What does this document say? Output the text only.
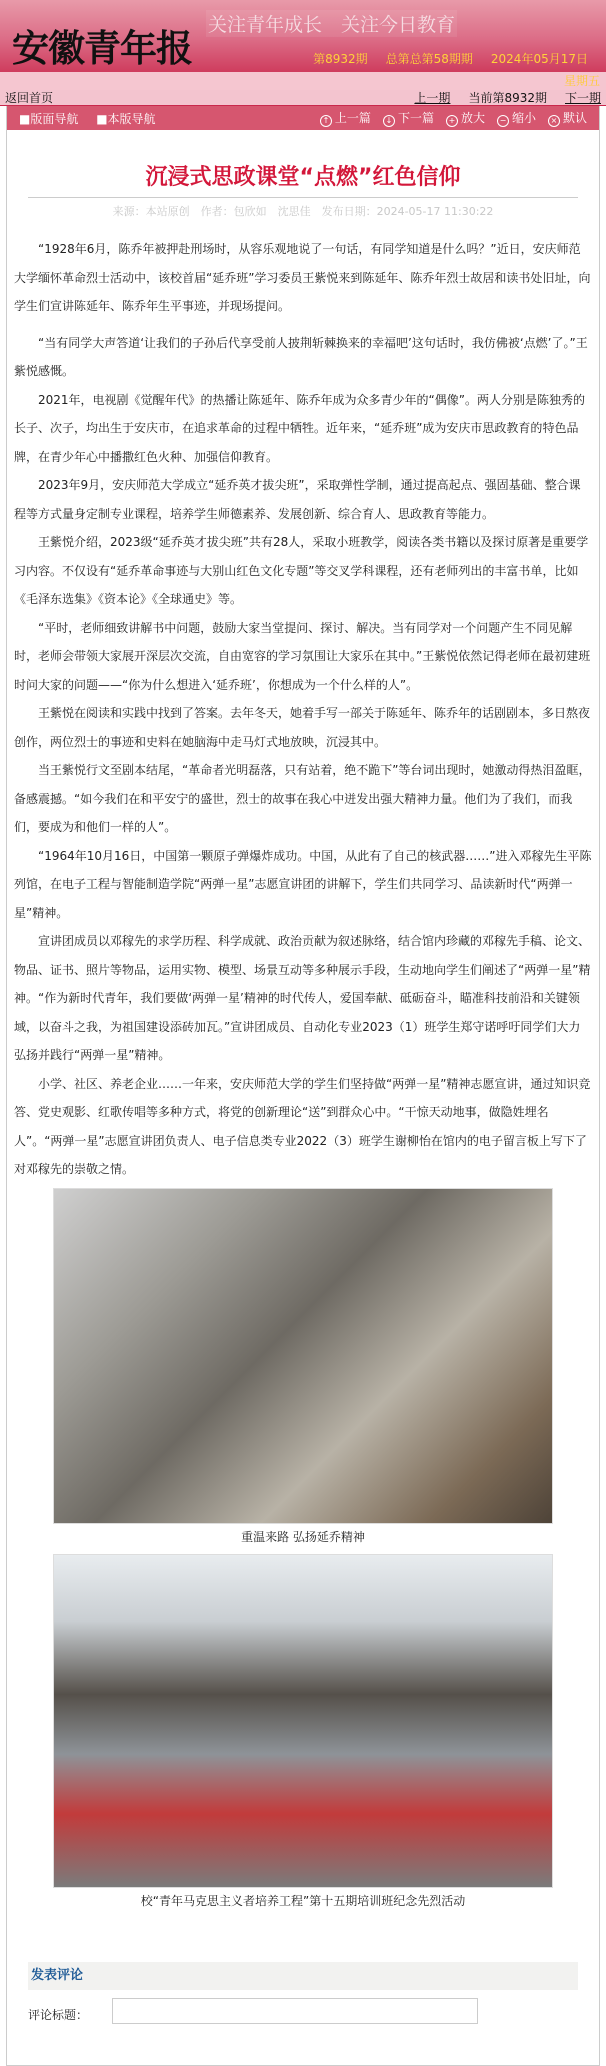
安徽青年报
关注青年成长　关注今日教育
第8932期 总第总第58期期 2024年05月17日
星期五
返回首页	上一期 当前第8932期 下一期
■版面导航 ■本版导航	↑ 上一篇	↓ 下一篇	+ 放大	− 缩小	× 默认
沉浸式思政课堂“点燃”红色信仰
来源：本站原创　作者：包欣如　沈思佳　发布日期：2024-05-17 11:30:22

“1928年6月，陈乔年被押赴刑场时，从容乐观地说了一句话，有同学知道是什么吗？”近日，安庆师范大学缅怀革命烈士活动中，该校首届“延乔班”学习委员王紫悦来到陈延年、陈乔年烈士故居和读书处旧址，向学生们宣讲陈延年、陈乔年生平事迹，并现场提问。

“当有同学大声答道‘让我们的子孙后代享受前人披荆斩棘换来的幸福吧’这句话时，我仿佛被‘点燃’了。”王紫悦感慨。

2021年，电视剧《觉醒年代》的热播让陈延年、陈乔年成为众多青少年的“偶像”。两人分别是陈独秀的长子、次子，均出生于安庆市，在追求革命的过程中牺牲。近年来，“延乔班”成为安庆市思政教育的特色品牌，在青少年心中播撒红色火种、加强信仰教育。

2023年9月，安庆师范大学成立“延乔英才拔尖班”，采取弹性学制，通过提高起点、强固基础、整合课程等方式量身定制专业课程，培养学生师德素养、发展创新、综合育人、思政教育等能力。

王紫悦介绍，2023级“延乔英才拔尖班”共有28人，采取小班教学，阅读各类书籍以及探讨原著是重要学习内容。不仅设有“延乔革命事迹与大别山红色文化专题”等交叉学科课程，还有老师列出的丰富书单，比如《毛泽东选集》《资本论》《全球通史》等。

“平时，老师细致讲解书中问题，鼓励大家当堂提问、探讨、解决。当有同学对一个问题产生不同见解时，老师会带领大家展开深层次交流，自由宽容的学习氛围让大家乐在其中。”王紫悦依然记得老师在最初建班时问大家的问题——“你为什么想进入‘延乔班’，你想成为一个什么样的人”。

王紫悦在阅读和实践中找到了答案。去年冬天，她着手写一部关于陈延年、陈乔年的话剧剧本，多日熬夜创作，两位烈士的事迹和史料在她脑海中走马灯式地放映，沉浸其中。

当王紫悦行文至剧本结尾，“革命者光明磊落，只有站着，绝不跪下”等台词出现时，她激动得热泪盈眶，备感震撼。“如今我们在和平安宁的盛世，烈士的故事在我心中迸发出强大精神力量。他们为了我们，而我们，要成为和他们一样的人”。

“1964年10月16日，中国第一颗原子弹爆炸成功。中国，从此有了自己的核武器……”进入邓稼先生平陈列馆，在电子工程与智能制造学院“两弹一星”志愿宣讲团的讲解下，学生们共同学习、品读新时代“两弹一星”精神。

宣讲团成员以邓稼先的求学历程、科学成就、政治贡献为叙述脉络，结合馆内珍藏的邓稼先手稿、论文、物品、证书、照片等物品，运用实物、模型、场景互动等多种展示手段，生动地向学生们阐述了“两弹一星”精神。“作为新时代青年，我们要做‘两弹一星’精神的时代传人，爱国奉献、砥砺奋斗，瞄准科技前沿和关键领域，以奋斗之我，为祖国建设添砖加瓦。”宣讲团成员、自动化专业2023（1）班学生郑守诺呼吁同学们大力弘扬并践行“两弹一星”精神。

小学、社区、养老企业……一年来，安庆师范大学的学生们坚持做“两弹一星”精神志愿宣讲，通过知识竞答、党史观影、红歌传唱等多种方式，将党的创新理论“送”到群众心中。“干惊天动地事，做隐姓埋名人”。“两弹一星”志愿宣讲团负责人、电子信息类专业2022（3）班学生谢柳怡在馆内的电子留言板上写下了对邓稼先的崇敬之情。

重温来路 弘扬延乔精神
校“青年马克思主义者培养工程”第十五期培训班纪念先烈活动
发表评论
评论标题：
